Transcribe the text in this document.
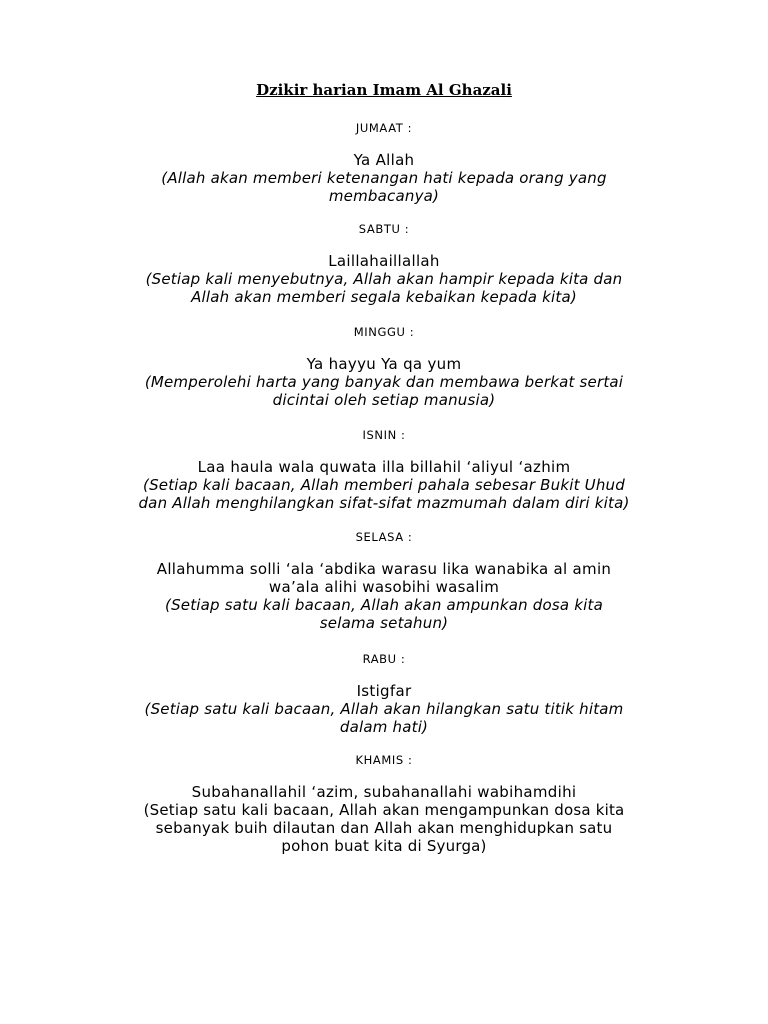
Dzikir harian Imam Al Ghazali

JUMAAT :

Ya Allah

(Allah akan memberi ketenangan hati kepada orang yang

membacanya)

SABTU :

Laillahaillallah

(Setiap kali menyebutnya, Allah akan hampir kepada kita dan

Allah akan memberi segala kebaikan kepada kita)

MINGGU :

Ya hayyu Ya qa yum

(Memperolehi harta yang banyak dan membawa berkat sertai

dicintai oleh setiap manusia)

ISNIN :

Laa haula wala quwata illa billahil ‘aliyul ‘azhim

(Setiap kali bacaan, Allah memberi pahala sebesar Bukit Uhud

dan Allah menghilangkan sifat-sifat mazmumah dalam diri kita)

SELASA :

Allahumma solli ‘ala ‘abdika warasu lika wanabika al amin

wa’ala alihi wasobihi wasalim

(Setiap satu kali bacaan, Allah akan ampunkan dosa kita

selama setahun)

RABU :

Istigfar

(Setiap satu kali bacaan, Allah akan hilangkan satu titik hitam

dalam hati)

KHAMIS :

Subahanallahil ‘azim, subahanallahi wabihamdihi

(Setiap satu kali bacaan, Allah akan mengampunkan dosa kita

sebanyak buih dilautan dan Allah akan menghidupkan satu

pohon buat kita di Syurga)
